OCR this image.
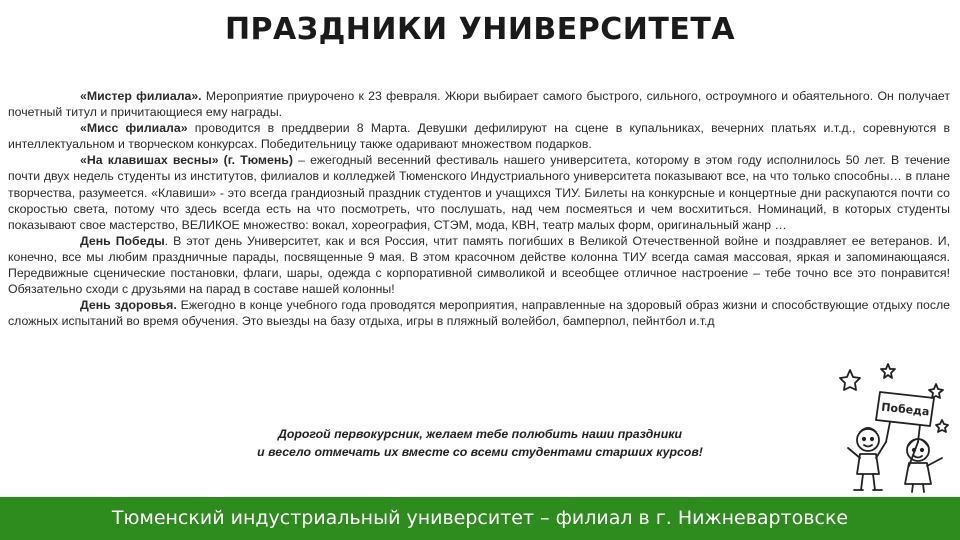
ПРАЗДНИКИ УНИВЕРСИТЕТА

«Мистер филиала». Мероприятие приурочено к 23 февраля. Жюри выбирает самого быстрого, сильного, остроумного и обаятельного. Он получает почетный титул и причитающиеся ему награды.

«Мисс филиала» проводится в преддверии 8 Марта. Девушки дефилируют на сцене в купальниках, вечерних платьях и.т.д., соревнуются в интеллектуальном и творческом конкурсах. Победительницу также одаривают множеством подарков.

«На клавишах весны» (г. Тюмень) – ежегодный весенний фестиваль нашего университета, которому в этом году исполнилось 50 лет. В течение почти двух недель студенты из институтов, филиалов и колледжей Тюменского Индустриального университета показывают все, на что только способны… в плане творчества, разумеется. «Клавиши» - это всегда грандиозный праздник студентов и учащихся ТИУ. Билеты на конкурсные и концертные дни раскупаются почти со скоростью света, потому что здесь всегда есть на что посмотреть, что послушать, над чем посмеяться и чем восхититься. Номинаций, в которых студенты показывают свое мастерство, ВЕЛИКОЕ множество: вокал, хореография, СТЭМ, мода, КВН, театр малых форм, оригинальный жанр …

День Победы. В этот день Университет, как и вся Россия, чтит память погибших в Великой Отечественной войне и поздравляет ее ветеранов. И, конечно, все мы любим праздничные парады, посвященные 9 мая. В этом красочном действе колонна ТИУ всегда самая массовая, яркая и запоминающаяся. Передвижные сценические постановки, флаги, шары, одежда с корпоративной символикой и всеобщее отличное настроение – тебе точно все это понравится! Обязательно сходи с друзьями на парад в составе нашей колонны!

День здоровья. Ежегодно в конце учебного года проводятся мероприятия, направленные на здоровый образ жизни и способствующие отдыху после сложных испытаний во время обучения. Это выезды на базу отдыха, игры в пляжный волейбол, бамперпол, пейнтбол и.т.д

Дорогой первокурсник, желаем тебе полюбить наши праздники
и весело отмечать их вместе со всеми студентами старших курсов!
Победа
Тюменский индустриальный университет – филиал в г. Нижневартовске
